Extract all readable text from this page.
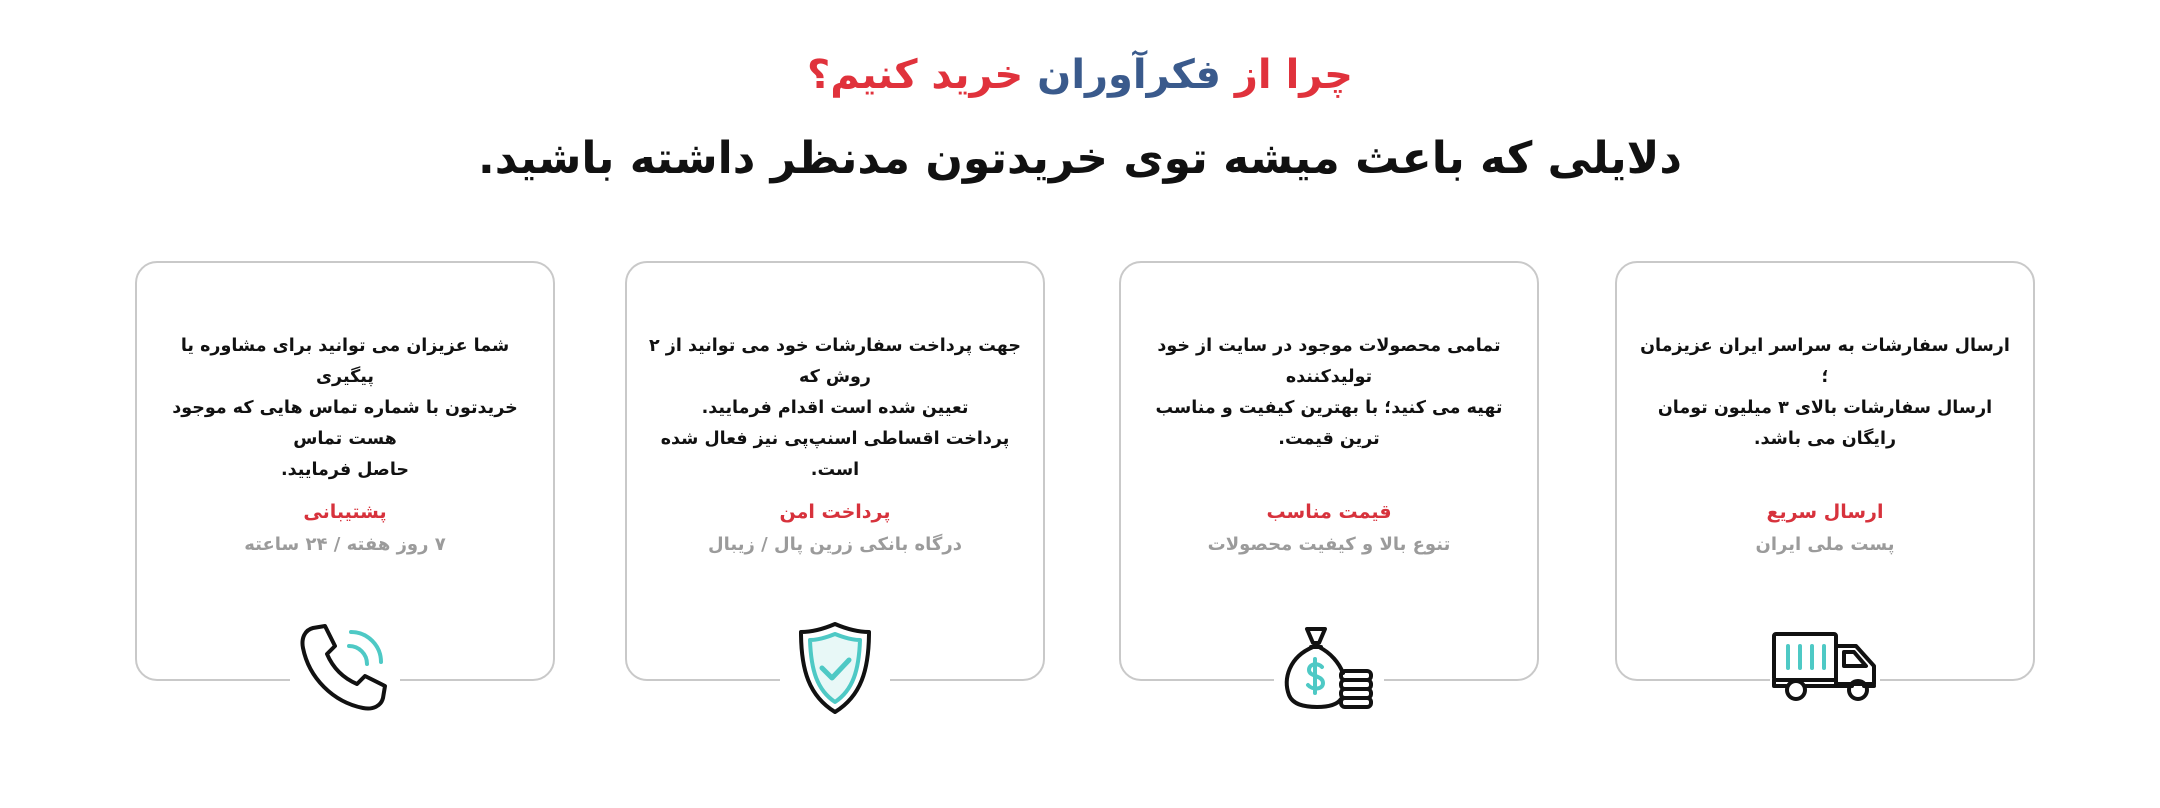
چرا از فکرآوران خرید کنیم؟
دلایلی که باعث میشه توی خریدتون مدنظر داشته باشید.
ارسال سفارشات به سراسر ایران عزیزمان ؛
ارسال سفارشات بالای ۳ میلیون تومان رایگان می باشد.
ارسال سریع
پست ملی ایران
تمامی محصولات موجود در سایت از خود تولیدکننده
تهیه می کنید؛ با بهترین کیفیت و مناسب ترین قیمت.
قیمت مناسب
تنوع بالا و کیفیت محصولات
جهت پرداخت سفارشات خود می توانید از ۲ روش که
تعیین شده است اقدام فرمایید.
پرداخت اقساطی اسنپ‌پی نیز فعال شده است.
پرداخت امن
درگاه بانکی زرین پال / زیبال
شما عزیزان می توانید برای مشاوره یا پیگیری
خریدتون با شماره تماس هایی که موجود هست تماس
حاصل فرمایید.
پشتیبانی
۷ روز هفته / ۲۴ ساعته
